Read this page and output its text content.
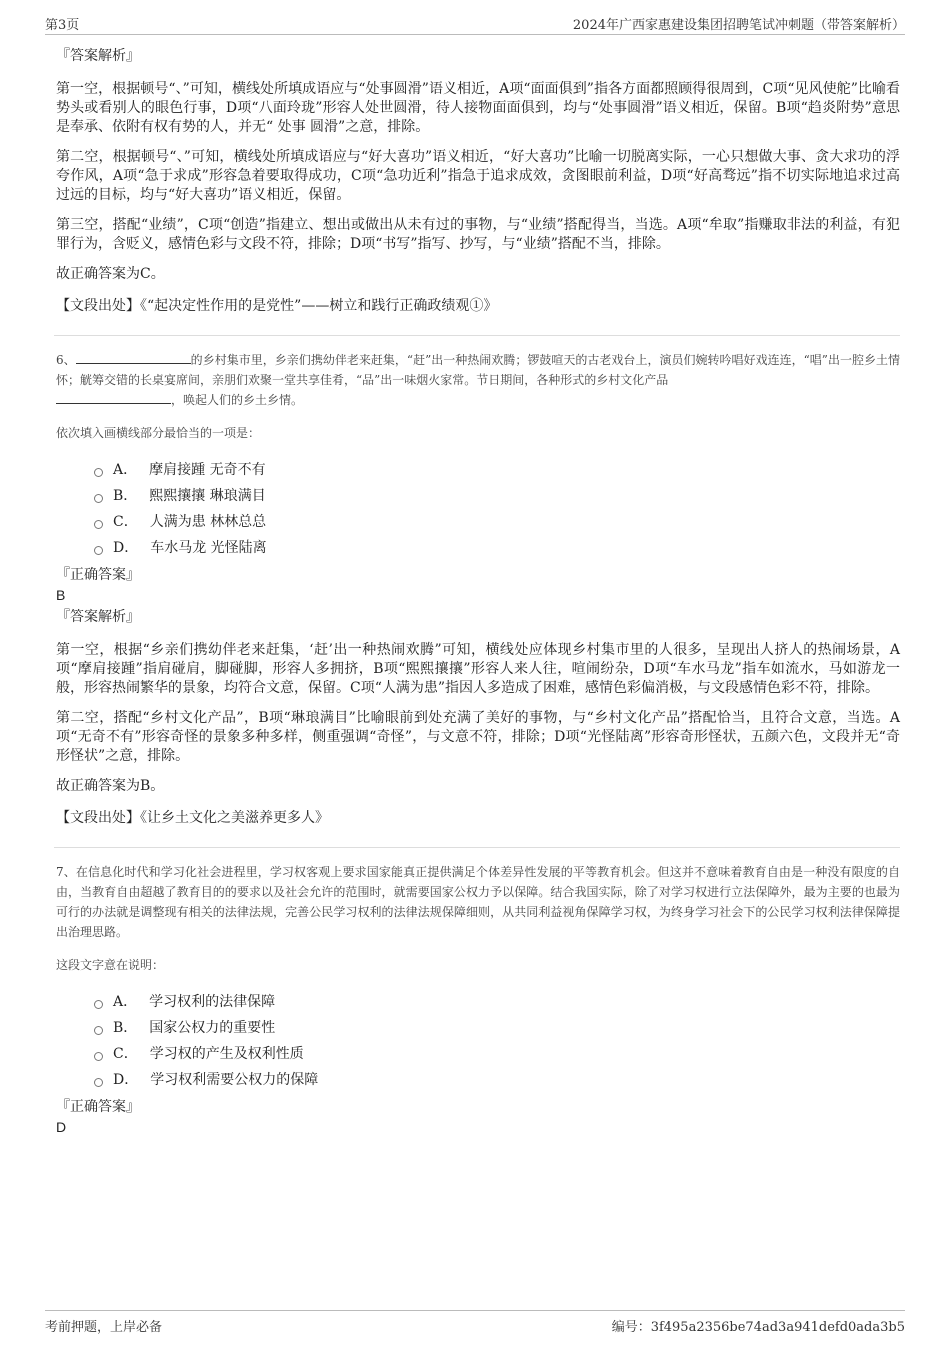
第3页	2024年广西家惠建设集团招聘笔试冲刺题（带答案解析）
『答案解析』

第一空，根据顿号“、”可知，横线处所填成语应与“处事圆滑”语义相近，A项“面面俱到”指各方面都照顾得很周到，C项“见风使舵”比喻看势头或看别人的眼色行事，D项“八面玲珑”形容人处世圆滑，待人接物面面俱到，均与“处事圆滑”语义相近，保留。B项“趋炎附势”意思是奉承、依附有权有势的人，并无“ 处事 圆滑”之意，排除。

第二空，根据顿号“、”可知，横线处所填成语应与“好大喜功”语义相近，“好大喜功”比喻一切脱离实际，一心只想做大事、贪大求功的浮夸作风，A项“急于求成”形容急着要取得成功，C项“急功近利”指急于追求成效，贪图眼前利益，D项“好高骛远”指不切实际地追求过高过远的目标，均与“好大喜功”语义相近，保留。

第三空，搭配“业绩”，C项“创造”指建立、想出或做出从未有过的事物，与“业绩”搭配得当，当选。A项“牟取”指赚取非法的利益，有犯罪行为，含贬义，感情色彩与文段不符，排除；D项“书写”指写、抄写，与“业绩”搭配不当，排除。

故正确答案为C。

【文段出处】《“起决定性作用的是党性”——树立和践行正确政绩观①》

6、	的乡村集市里，乡亲们携幼伴老来赶集，“赶”出一种热闹欢腾；锣鼓喧天的古老戏台上，演员们婉转吟唱好戏连连，“唱”出一腔乡土情怀；觥筹交错的长桌宴席间，亲朋们欢聚一堂共享佳肴，“品”出一味烟火家常。节日期间，各种形式的乡村文化产品
，唤起人们的乡土乡情。

依次填入画横线部分最恰当的一项是：
A． 摩肩接踵 无奇不有
B． 熙熙攘攘 琳琅满目
C． 人满为患 林林总总
D． 车水马龙 光怪陆离
『正确答案』
B
『答案解析』

第一空，根据“乡亲们携幼伴老来赶集，‘赶’出一种热闹欢腾”可知，横线处应体现乡村集市里的人很多，呈现出人挤人的热闹场景，A项“摩肩接踵”指肩碰肩，脚碰脚，形容人多拥挤，B项“熙熙攘攘”形容人来人往，喧闹纷杂，D项“车水马龙”指车如流水，马如游龙一般，形容热闹繁华的景象，均符合文意，保留。C项“人满为患”指因人多造成了困难，感情色彩偏消极，与文段感情色彩不符，排除。

第二空，搭配“乡村文化产品”，B项“琳琅满目”比喻眼前到处充满了美好的事物，与“乡村文化产品”搭配恰当，且符合文意，当选。A项“无奇不有”形容奇怪的景象多种多样，侧重强调“奇怪”，与文意不符，排除；D项“光怪陆离”形容奇形怪状，五颜六色，文段并无“奇形怪状”之意，排除。

故正确答案为B。

【文段出处】《让乡土文化之美滋养更多人》

7、在信息化时代和学习化社会进程里，学习权客观上要求国家能真正提供满足个体差异性发展的平等教育机会。但这并不意味着教育自由是一种没有限度的自由，当教育自由超越了教育目的的要求以及社会允许的范围时，就需要国家公权力予以保障。结合我国实际，除了对学习权进行立法保障外，最为主要的也最为可行的办法就是调整现有相关的法律法规，完善公民学习权利的法律法规保障细则，从共同利益视角保障学习权，为终身学习社会下的公民学习权利法律保障提出治理思路。

这段文字意在说明：
A． 学习权利的法律保障
B． 国家公权力的重要性
C． 学习权的产生及权利性质
D． 学习权利需要公权力的保障
『正确答案』
D
考前押题，上岸必备	编号：3f495a2356be74ad3a941defd0ada3b5
